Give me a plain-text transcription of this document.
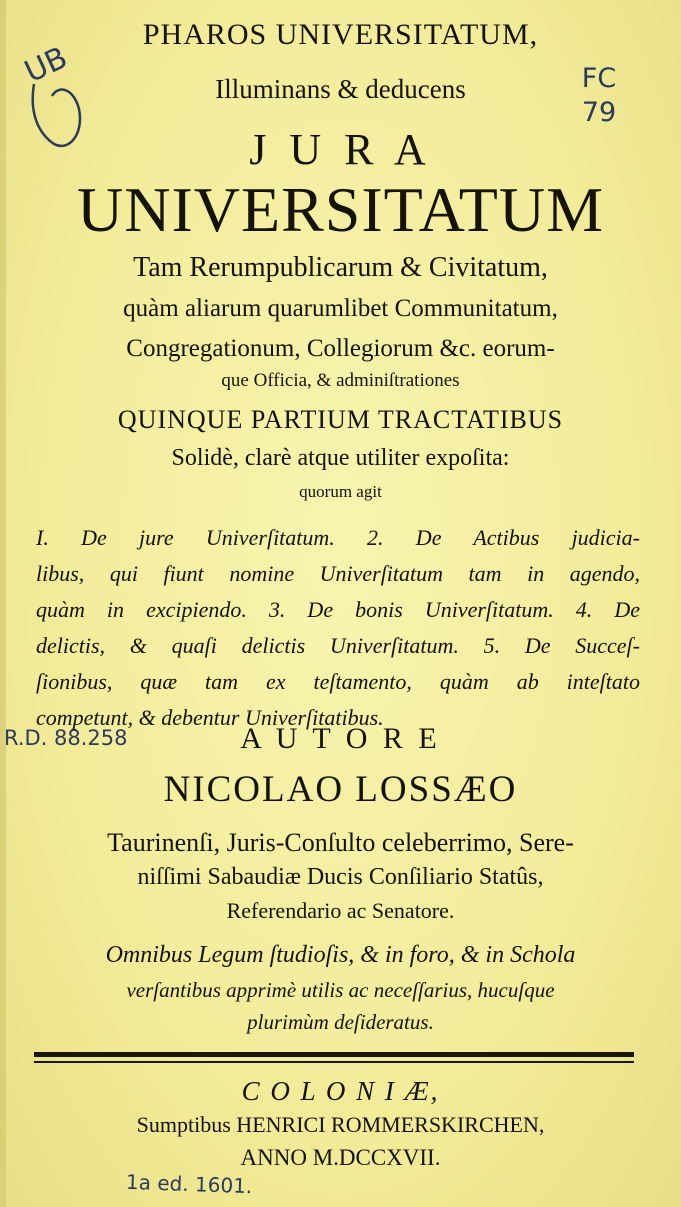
PHAROS UNIVERSITATUM,
Illuminans & deducens
J U R A
UNIVERSITATUM
Tam Rerumpublicarum & Civitatum,
quàm aliarum quarumlibet Communitatum,
Congregationum, Collegiorum &c. eorum-
que Officia, & adminiſtrationes
QUINQUE PARTIUM TRACTATIBUS
Solidè, clarè atque utiliter expoſita:
quorum agit
I. De jure Univerſitatum. 2. De Actibus judicia-
libus, qui fiunt nomine Univerſitatum tam in agendo,
quàm in excipiendo. 3. De bonis Univerſitatum. 4. De
delictis, & quaſi delictis Univerſitatum. 5. De Succeſ-
ſionibus, quæ tam ex teſtamento, quàm ab inteſtato
competunt, & debentur Univerſitatibus.
R.D. 88.258	A U T O R E
NICOLAO LOSSÆO
Taurinenſi, Juris-Conſulto celeberrimo, Sere-
niſſimi Sabaudiæ Ducis Conſiliario Statûs,
Referendario ac Senatore.
Omnibus Legum ſtudioſis, & in foro, & in Schola
verſantibus apprimè utilis ac neceſſarius, hucuſque
plurimùm deſideratus.
C O L O N I Æ,
Sumptibus HENRICI ROMMERSKIRCHEN,
ANNO M.DCCXVII.
UB	FC 79
1a ed. 1601.
